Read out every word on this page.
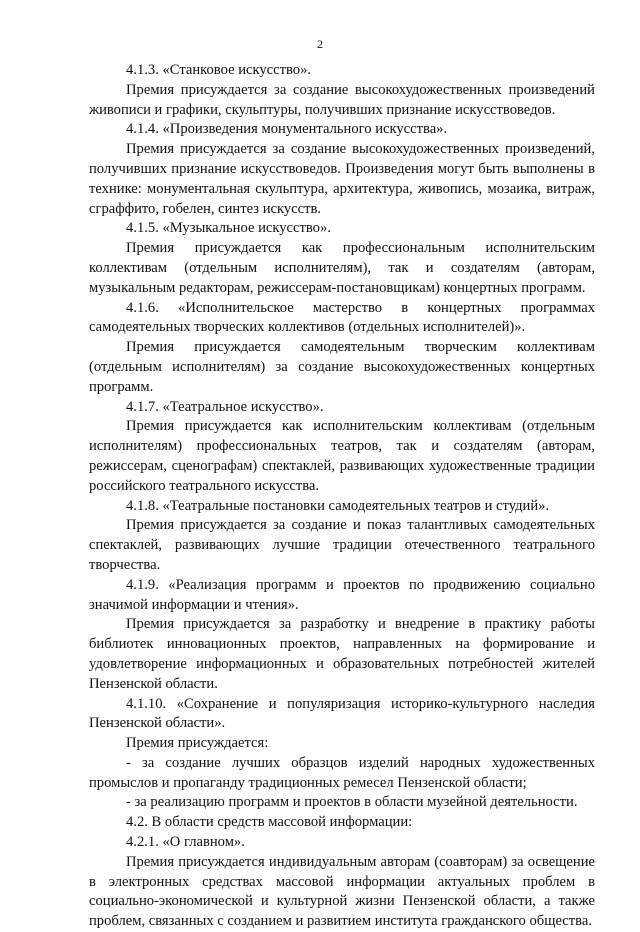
2

4.1.3. «Станковое искусство».

Премия присуждается за создание высокохудожественных произведений живописи и графики, скульптуры, получивших признание искусствоведов.

4.1.4. «Произведения монументального искусства».

Премия присуждается за создание высокохудожественных произведений, получивших признание искусствоведов. Произведения могут быть выполнены в технике: монументальная скульптура, архитектура, живопись, мозаика, витраж, сграффито, гобелен, синтез искусств.

4.1.5. «Музыкальное искусство».

Премия присуждается как профессиональным исполнительским коллективам (отдельным исполнителям), так и создателям (авторам, музыкальным редакторам, режиссерам-постановщикам) концертных программ.

4.1.6. «Исполнительское мастерство в концертных программах самодеятельных творческих коллективов (отдельных исполнителей)».

Премия присуждается самодеятельным творческим коллективам (отдельным исполнителям) за создание высокохудожественных концертных программ.

4.1.7. «Театральное искусство».

Премия присуждается как исполнительским коллективам (отдельным исполнителям) профессиональных театров, так и создателям (авторам, режиссерам, сценографам) спектаклей, развивающих художественные традиции российского театрального искусства.

4.1.8. «Театральные постановки самодеятельных театров и студий».

Премия присуждается за создание и показ талантливых самодеятельных спектаклей, развивающих лучшие традиции отечественного театрального творчества.

4.1.9. «Реализация программ и проектов по продвижению социально значимой информации и чтения».

Премия присуждается за разработку и внедрение в практику работы библиотек инновационных проектов, направленных на формирование и удовлетворение информационных и образовательных потребностей жителей Пензенской области.

4.1.10. «Сохранение и популяризация историко-культурного наследия Пензенской области».

Премия присуждается:

- за создание лучших образцов изделий народных художественных промыслов и пропаганду традиционных ремесел Пензенской области;

- за реализацию программ и проектов в области музейной деятельности.

4.2. В области средств массовой информации:

4.2.1. «О главном».

Премия присуждается индивидуальным авторам (соавторам) за освещение в электронных средствах массовой информации актуальных проблем в социально-экономической и культурной жизни Пензенской области, а также проблем, связанных с созданием и развитием института гражданского общества.
